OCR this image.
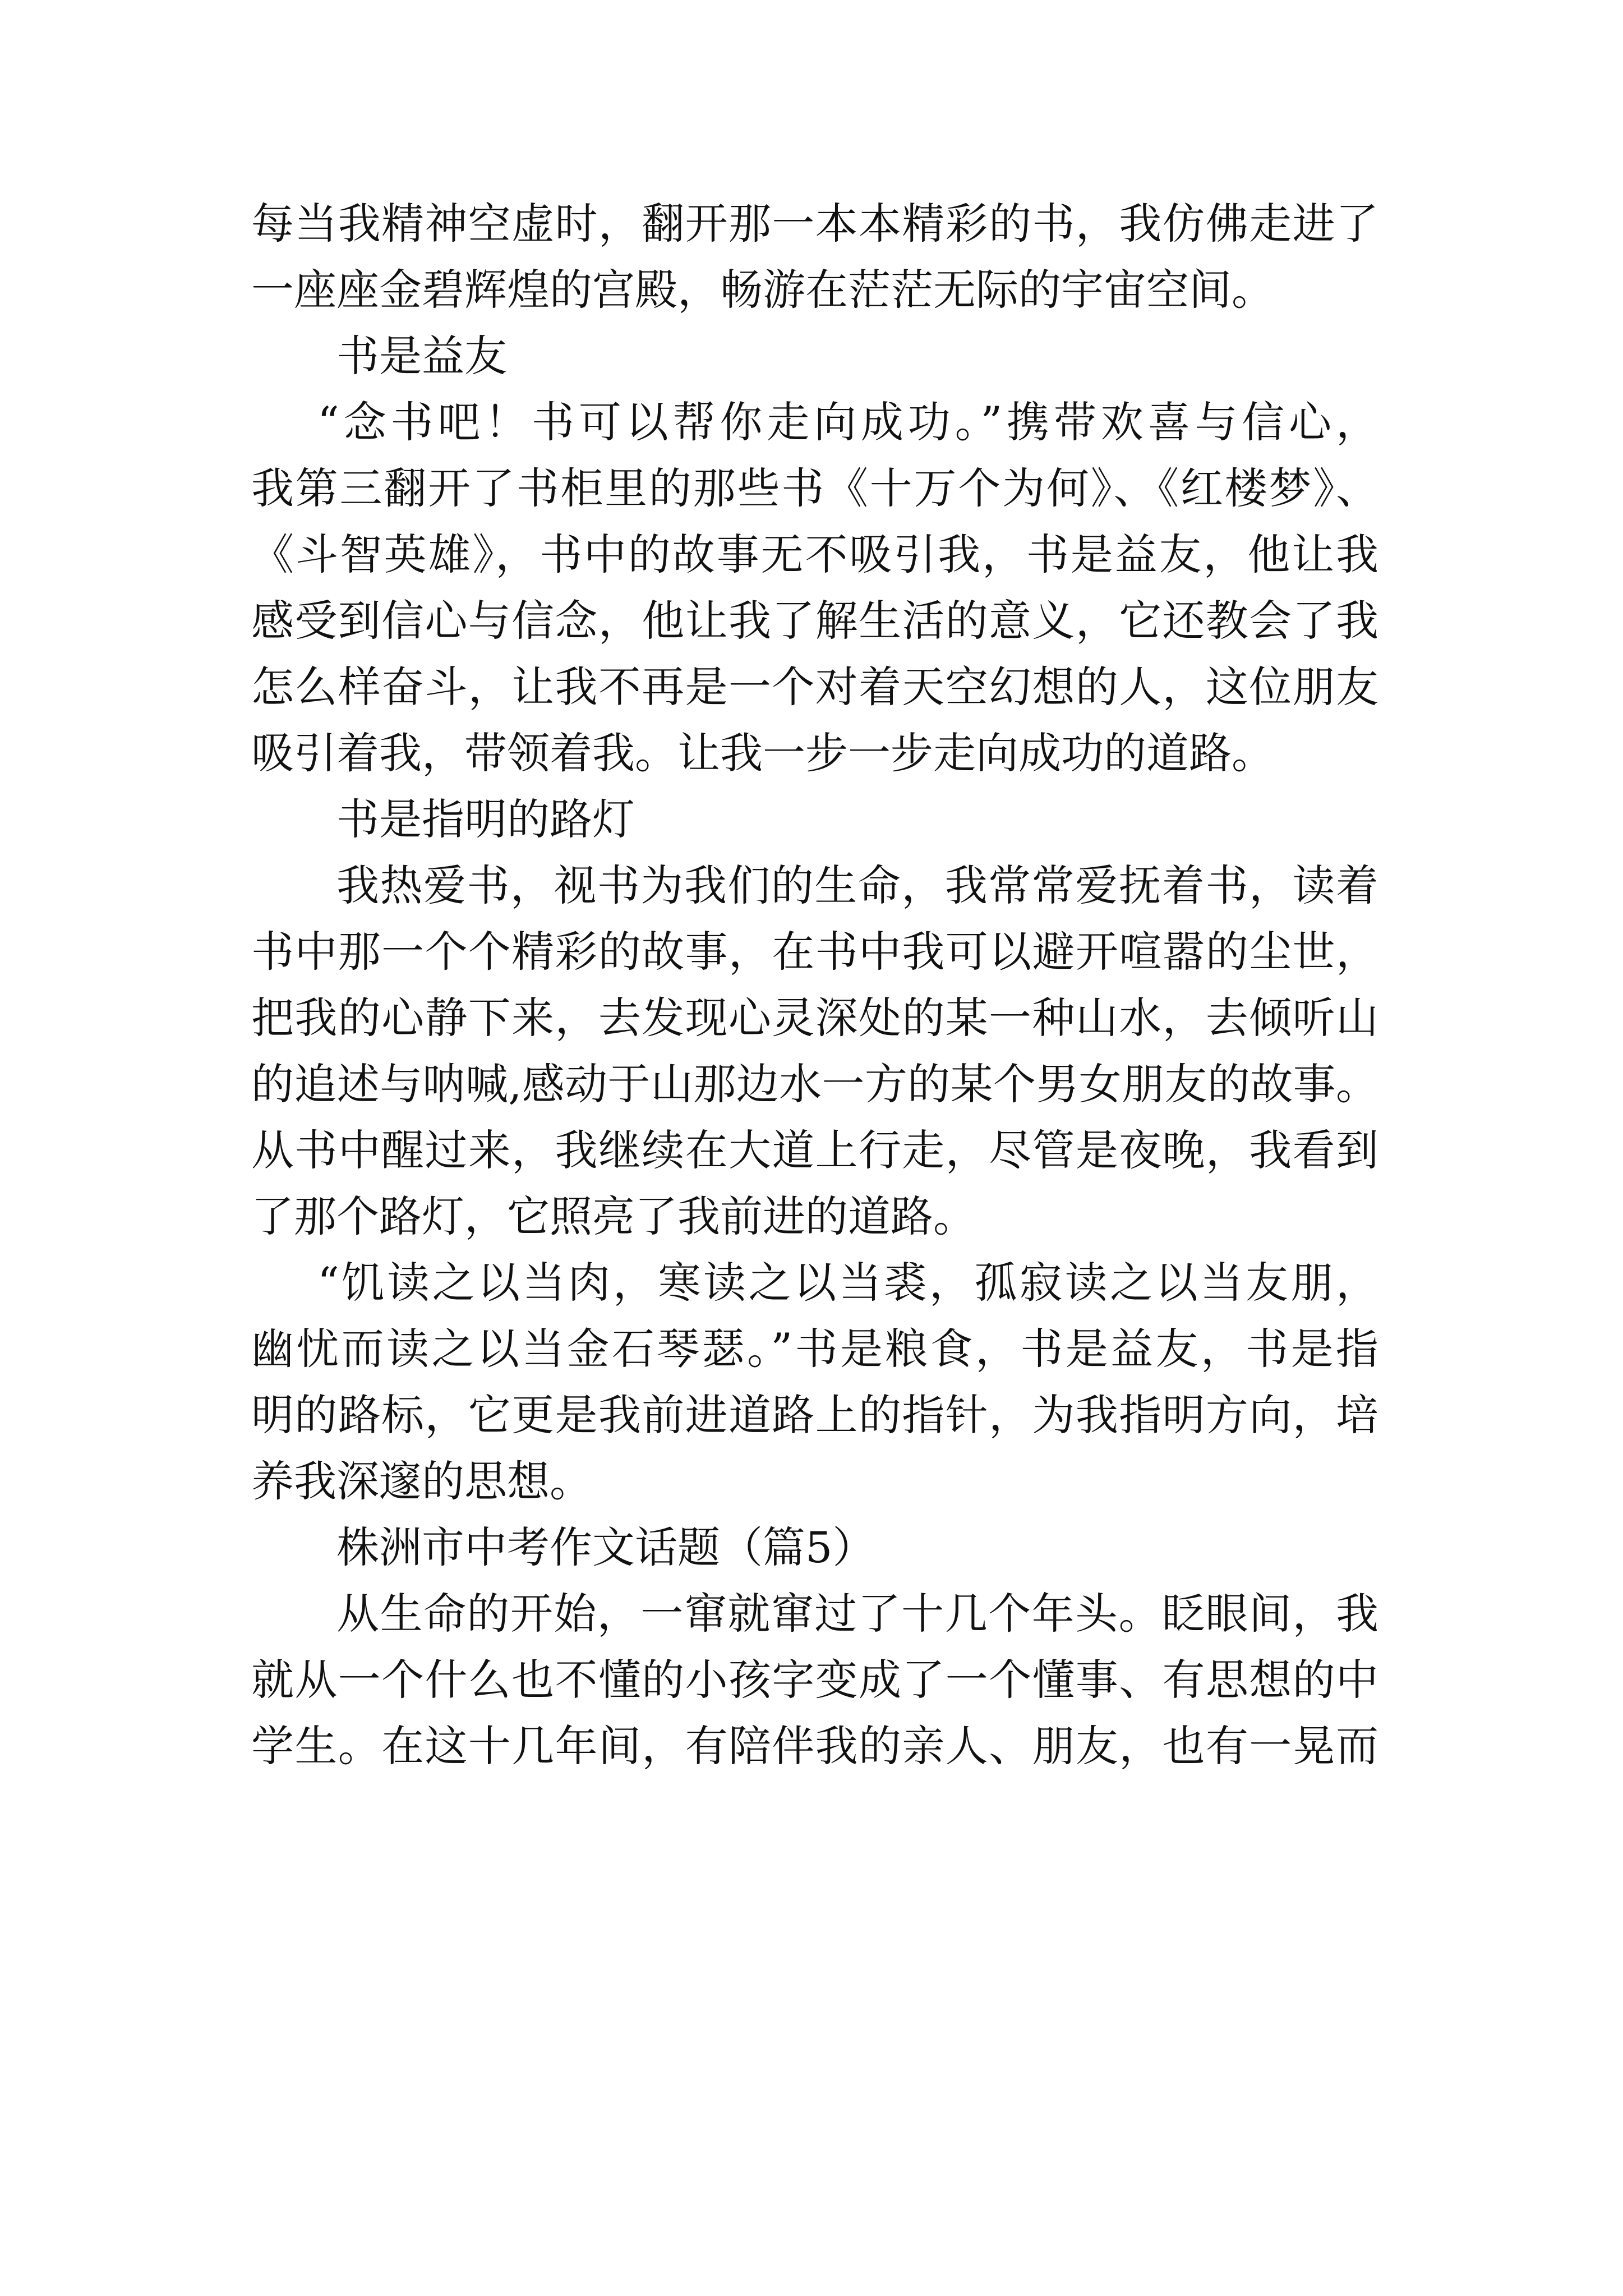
每当我精神空虚时，翻开那一本本精彩的书，我仿佛走进了
一座座金碧辉煌的宫殿，畅游在茫茫无际的宇宙空间。
书是益友
“念书吧！书可以帮你走向成功。”携带欢喜与信心，
我第三翻开了书柜里的那些书《十万个为何》、《红楼梦》、
《斗智英雄》，书中的故事无不吸引我，书是益友，他让我
感受到信心与信念，他让我了解生活的意义，它还教会了我
怎么样奋斗，让我不再是一个对着天空幻想的人，这位朋友
吸引着我，带领着我。让我一步一步走向成功的道路。
书是指明的路灯
我热爱书，视书为我们的生命，我常常爱抚着书，读着
书中那一个个精彩的故事，在书中我可以避开喧嚣的尘世，
把我的心静下来，去发现心灵深处的某一种山水，去倾听山
的追述与呐喊,感动于山那边水一方的某个男女朋友的故事。
从书中醒过来，我继续在大道上行走，尽管是夜晚，我看到
了那个路灯，它照亮了我前进的道路。
“饥读之以当肉，寒读之以当裘，孤寂读之以当友朋，
幽忧而读之以当金石琴瑟。”书是粮食，书是益友，书是指
明的路标，它更是我前进道路上的指针，为我指明方向，培
养我深邃的思想。
株洲市中考作文话题（篇5）
从生命的开始，一窜就窜过了十几个年头。眨眼间，我
就从一个什么也不懂的小孩字变成了一个懂事、有思想的中
学生。在这十几年间，有陪伴我的亲人、朋友，也有一晃而
